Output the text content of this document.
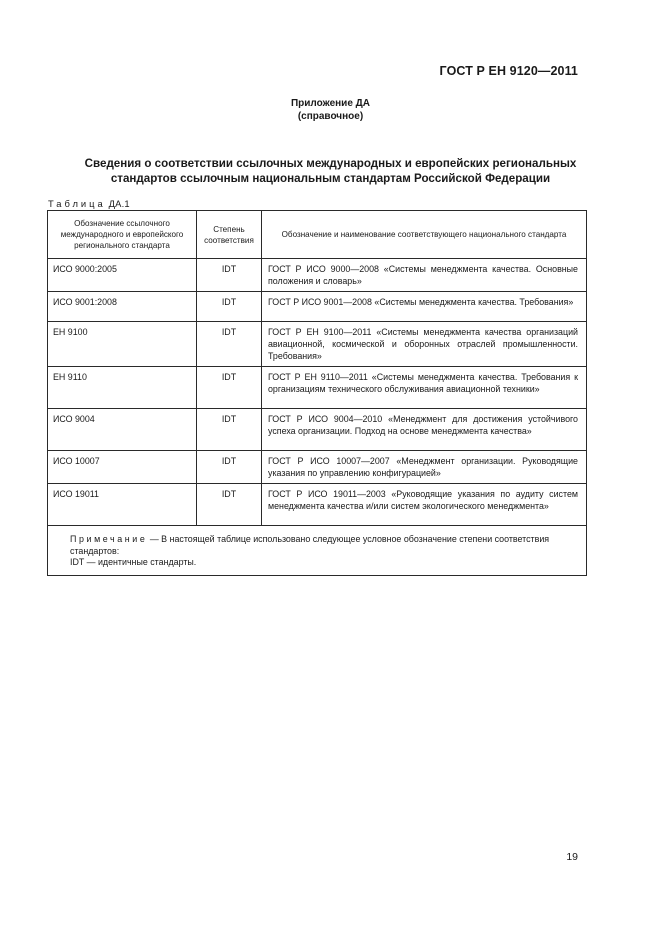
ГОСТ Р ЕН 9120—2011
Приложение ДА
(справочное)
Сведения о соответствии ссылочных международных и европейских региональных
стандартов ссылочным национальным стандартам Российской Федерации
Таблица ДА.1
Обозначение ссылочного международного и европейского регионального стандарта	Степень соответствия	Обозначение и наименование соответствующего национального стандарта
ИСО 9000:2005	IDT	ГОСТ Р ИСО 9000—2008 «Системы менеджмента качества. Основные положения и словарь»
ИСО 9001:2008	IDT	ГОСТ Р ИСО 9001—2008 «Системы менеджмента качества. Требования»
ЕН 9100	IDT	ГОСТ Р ЕН 9100—2011 «Системы менеджмента качества организаций авиационной, космической и оборонных отраслей промышленности. Требования»
ЕН 9110	IDT	ГОСТ Р ЕН 9110—2011 «Системы менеджмента качества. Требования к организациям технического обслуживания авиационной техники»
ИСО 9004	IDT	ГОСТ Р ИСО 9004—2010 «Менеджмент для достижения устойчивого успеха организации. Подход на основе менеджмента качества»
ИСО 10007	IDT	ГОСТ Р ИСО 10007—2007 «Менеджмент организации. Руководящие указания по управлению конфигурацией»
ИСО 19011	IDT	ГОСТ Р ИСО 19011—2003 «Руководящие указания по аудиту систем менеджмента качества и/или систем экологического менеджмента»
Примечание — В настоящей таблице использовано следующее условное обозначение степени соответствия стандартов:
IDT — идентичные стандарты.		
19
